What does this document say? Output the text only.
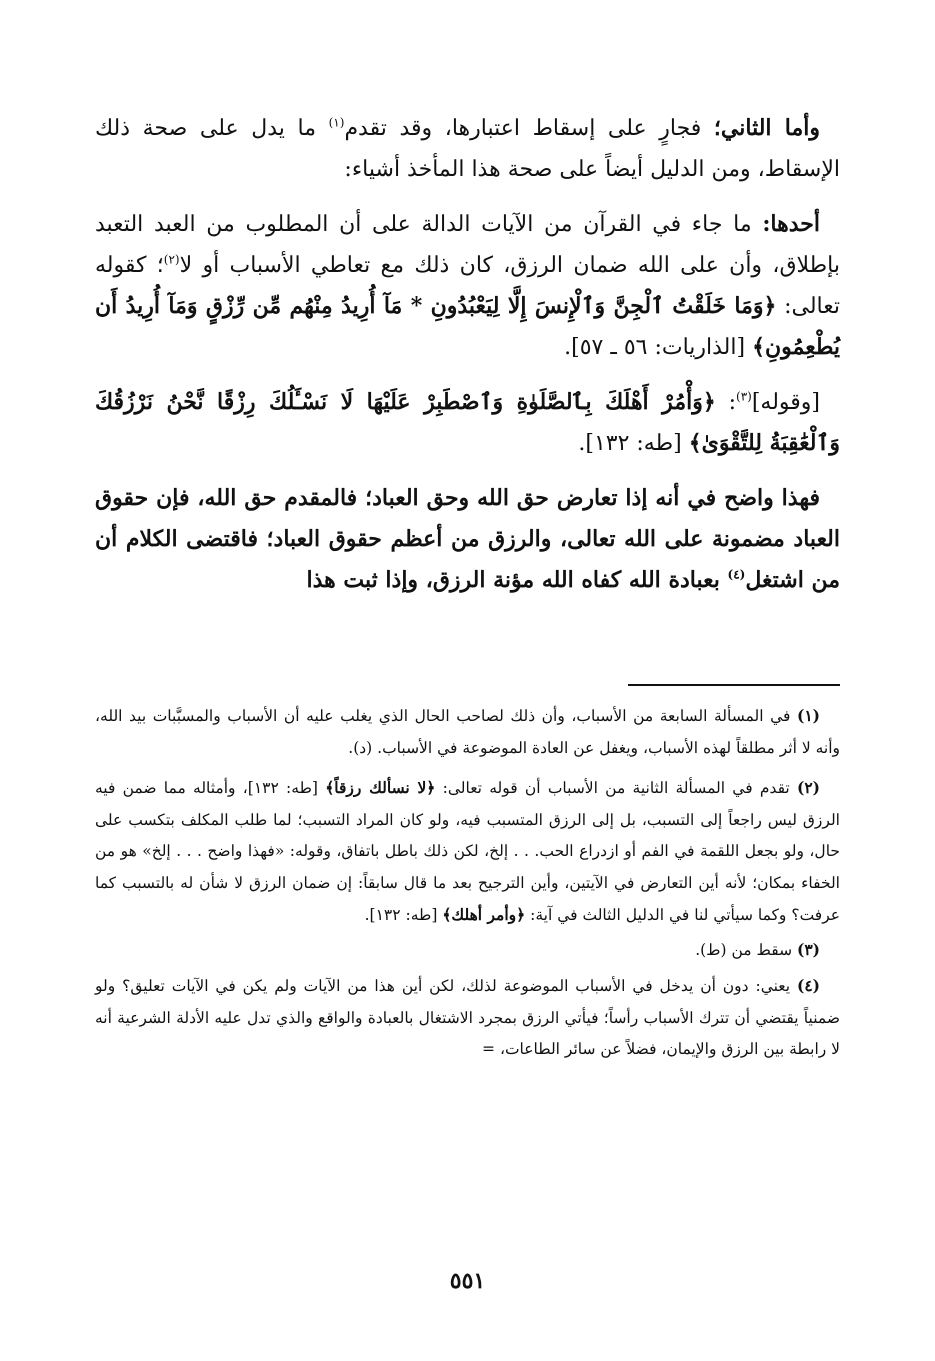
وأما الثاني؛ فجارٍ على إسقاط اعتبارها، وقد تقدم$^{(١)}$ ما يدل على صحة ذلك الإسقاط، ومن الدليل أيضاً على صحة هذا المأخذ أشياء:

أحدها: ما جاء في القرآن من الآيات الدالة على أن المطلوب من العبد التعبد بإطلاق، وأن على الله ضمان الرزق، كان ذلك مع تعاطي الأسباب أو لا$^{(٢)}$؛ كقوله تعالى: ﴿وَمَا خَلَقْتُ ٱلْجِنَّ وَٱلْإِنسَ إِلَّا لِيَعْبُدُونِ * مَآ أُرِيدُ مِنْهُم مِّن رِّزْقٍ وَمَآ أُرِيدُ أَن يُطْعِمُونِ﴾ [الذاريات: ٥٦ ـ ٥٧].

[وقوله]$^{(٣)}$: ﴿وَأْمُرْ أَهْلَكَ بِٱلصَّلَوٰةِ وَٱصْطَبِرْ عَلَيْهَا لَا نَسْـَٔلُكَ رِزْقًا نَّحْنُ نَرْزُقُكَ وَٱلْعَٰقِبَةُ لِلتَّقْوَىٰ﴾ [طه: ١٣٢].

فهذا واضح في أنه إذا تعارض حق الله وحق العباد؛ فالمقدم حق الله، فإن حقوق العباد مضمونة على الله تعالى، والرزق من أعظم حقوق العباد؛ فاقتضى الكلام أن من اشتغل$^{(٤)}$ بعبادة الله كفاه الله مؤنة الرزق، وإذا ثبت هذا

(١) في المسألة السابعة من الأسباب، وأن ذلك لصاحب الحال الذي يغلب عليه أن الأسباب والمسبَّبات بيد الله، وأنه لا أثر مطلقاً لهذه الأسباب، ويغفل عن العادة الموضوعة في الأسباب. (د).

(٢) تقدم في المسألة الثانية من الأسباب أن قوله تعالى: ﴿لا نسألك رزقاً﴾ [طه: ١٣٢]، وأمثاله مما ضمن فيه الرزق ليس راجعاً إلى التسبب، بل إلى الرزق المتسبب فيه، ولو كان المراد التسبب؛ لما طلب المكلف بتكسب على حال، ولو بجعل اللقمة في الفم أو ازدراع الحب. . . إلخ، لكن ذلك باطل باتفاق، وقوله: «فهذا واضح . . . إلخ» هو من الخفاء بمكان؛ لأنه أين التعارض في الآيتين، وأين الترجيح بعد ما قال سابقاً: إن ضمان الرزق لا شأن له بالتسبب كما عرفت؟ وكما سيأتي لنا في الدليل الثالث في آية: ﴿وأمر أهلك﴾ [طه: ١٣٢].

(٣) سقط من (ط).

(٤) يعني: دون أن يدخل في الأسباب الموضوعة لذلك، لكن أين هذا من الآيات ولم يكن في الآيات تعليق؟ ولو ضمنياً يقتضي أن تترك الأسباب رأساً؛ فيأتي الرزق بمجرد الاشتغال بالعبادة والواقع والذي تدل عليه الأدلة الشرعية أنه لا رابطة بين الرزق والإيمان، فضلاً عن سائر الطاعات، =

٥٥١
